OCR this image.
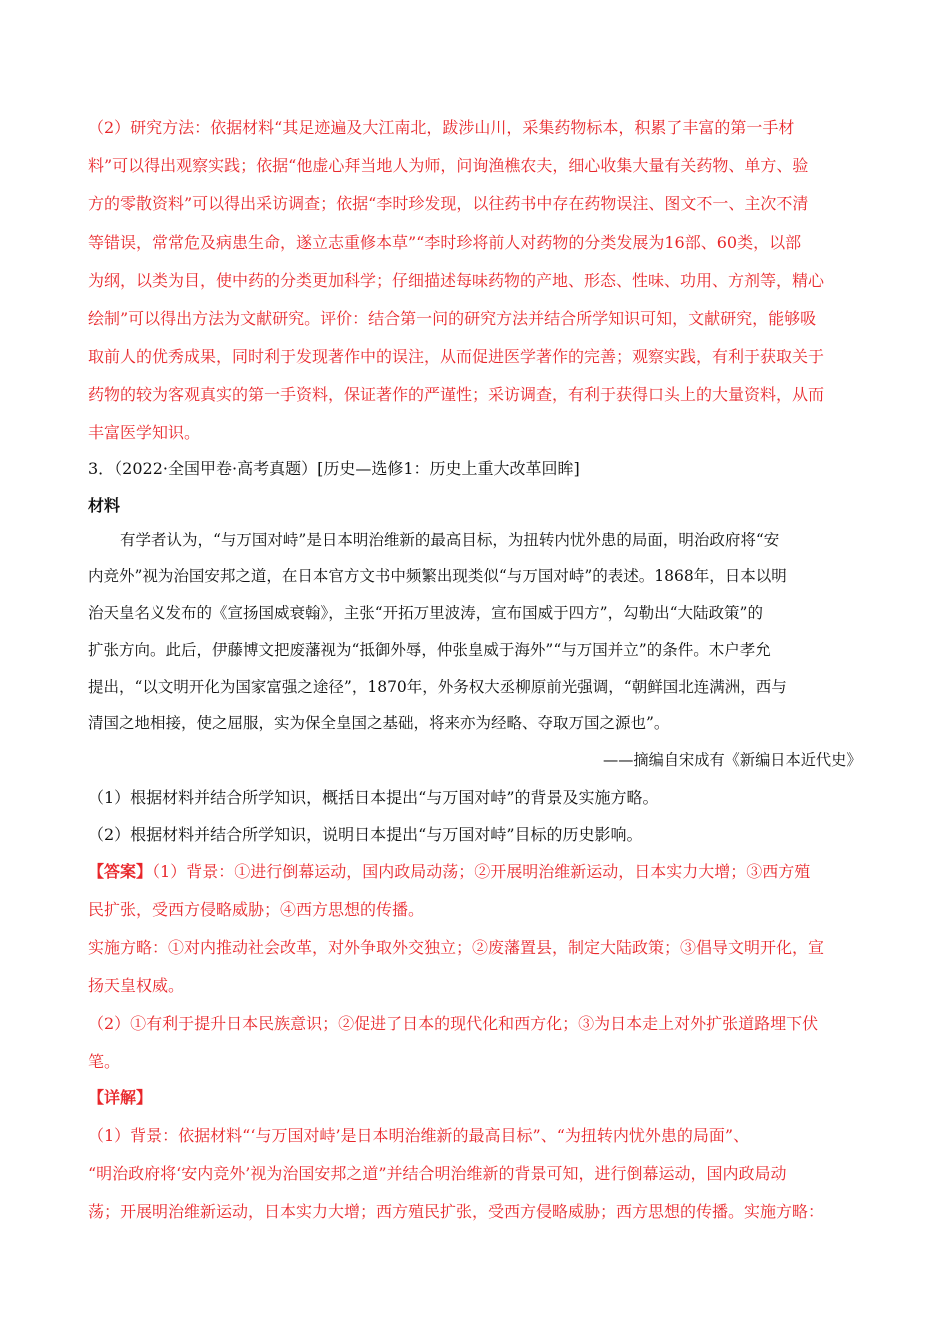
（2）研究方法：依据材料“其足迹遍及大江南北，跋涉山川，采集药物标本，积累了丰富的第一手材
料”可以得出观察实践；依据“他虚心拜当地人为师，问询渔樵农夫，细心收集大量有关药物、单方、验
方的零散资料”可以得出采访调查；依据“李时珍发现，以往药书中存在药物误注、图文不一、主次不清
等错误，常常危及病患生命，遂立志重修本草”“李时珍将前人对药物的分类发展为16部、60类，以部
为纲，以类为目，使中药的分类更加科学；仔细描述每味药物的产地、形态、性味、功用、方剂等，精心
绘制”可以得出方法为文献研究。评价：结合第一问的研究方法并结合所学知识可知，文献研究，能够吸
取前人的优秀成果，同时利于发现著作中的误注，从而促进医学著作的完善；观察实践，有利于获取关于
药物的较为客观真实的第一手资料，保证著作的严谨性；采访调查，有利于获得口头上的大量资料，从而
丰富医学知识。
3．（2022·全国甲卷·高考真题）[历史—选修1：历史上重大改革回眸]
材料
有学者认为，“与万国对峙”是日本明治维新的最高目标，为扭转内忧外患的局面，明治政府将“安
内竞外”视为治国安邦之道，在日本官方文书中频繁出现类似“与万国对峙”的表述。1868年，日本以明
治天皇名义发布的《宣扬国威衰翰》，主张“开拓万里波涛，宣布国威于四方”，勾勒出“大陆政策”的
扩张方向。此后，伊藤博文把废藩视为“抵御外辱，仲张皇威于海外”“与万国并立”的条件。木户孝允
提出，“以文明开化为国家富强之途径”，1870年，外务权大丞柳原前光强调，“朝鲜国北连满洲，西与
清国之地相接，使之屈服，实为保全皇国之基础，将来亦为经略、夺取万国之源也”。
——摘编自宋成有《新编日本近代史》
（1）根据材料并结合所学知识，概括日本提出“与万国对峙”的背景及实施方略。
（2）根据材料并结合所学知识，说明日本提出“与万国对峙”目标的历史影响。
【答案】（1）背景：①进行倒幕运动，国内政局动荡；②开展明治维新运动，日本实力大增；③西方殖
民扩张，受西方侵略威胁；④西方思想的传播。
实施方略：①对内推动社会改革，对外争取外交独立；②废藩置县，制定大陆政策；③倡导文明开化，宣
扬天皇权威。
（2）①有利于提升日本民族意识；②促进了日本的现代化和西方化；③为日本走上对外扩张道路埋下伏
笔。
【详解】
（1）背景：依据材料“‘与万国对峙’是日本明治维新的最高目标”、“为扭转内忧外患的局面”、
“明治政府将‘安内竞外’视为治国安邦之道”并结合明治维新的背景可知，进行倒幕运动，国内政局动
荡；开展明治维新运动，日本实力大增；西方殖民扩张，受西方侵略威胁；西方思想的传播。实施方略：
